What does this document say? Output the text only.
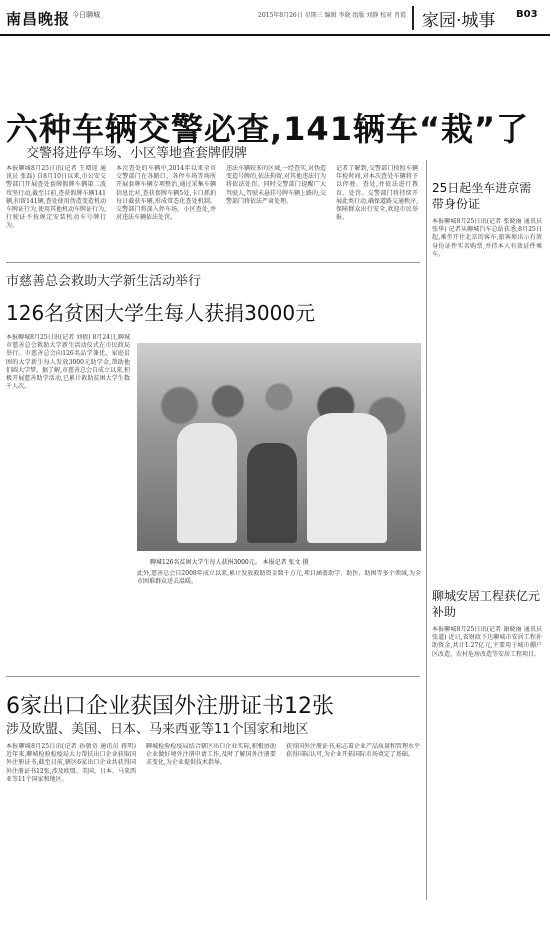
南昌晚报 今日聊城	2015年8月26日 星期三 编辑 李晓 组版 刘静 校对 肖霞 家园·城事	B03
六种车辆交警必查,141辆车“栽”了
交警将进停车场、小区等地查套牌假牌
本报聊城8月25日讯(记者 王增迎 通讯员 张磊) 自8月10日以来,市公安交警部门开展查处套牌假牌车辆第二波攻坚行动,截至目前,查获假牌车辆141辆,扣留141辆,查处使用伪造变造机动车牌证行为,使用其他机动车牌证行为,行驶证不按规定安装机动车号牌行为。
本次查处的车辆中,2014年以来全市交警部门在各路口、各停车场等场所开展套牌车辆专项整治,通过采集车辆信息比对,查获套牌车辆5处,卡口抓拍每日截获车辆,形成常态化查处机制。交警部门将深入停车场、小区查处,并对违法车辆依法处罚。
违法车辆较多的区域,一经查实,对伪造变造号牌的,依法拘留,对其他违法行为将依法处罚。同时交警部门提醒广大驾驶人,驾驶未悬挂号牌车辆上路的,交警部门将依法严肃处理。
记者了解到,交警部门按照车辆年检时间,对本次查处车辆将予以停驶、查处,并依法进行教育、处罚。交警部门将持续开展此类行动,确保道路交通秩序,保障群众出行安全,欢迎市民举报。
25日起坐车进京需带身份证
本报聊城8月25日讯(记者 张晓丽 通讯员 张华) 记者从聊城汽车总站获悉,8月25日起,乘坐开往北京的客车,旅客须出示有效身份证件实名购票,并持本人有效证件乘车。
市慈善总会救助大学新生活动举行
126名贫困大学生每人获捐3000元
本报聊城8月25日讯(记者 刘倩) 8月24日,聊城市慈善总会救助大学新生活动仪式在市民政局举行。市慈善总会向126名品学兼优、家庭贫困的大学新生每人发放3000元助学金,帮助他们圆大学梦。据了解,市慈善总会自成立以来,积极开展慈善助学活动,已累计救助贫困大学生数千人次。
聊城126名贫困大学生每人获捐3000元。 本报记者 张文 摄
此外,慈善总会自2008年成立以来,累计发放救助资金数千万元,项目涵盖助学、助医、助困等多个领域,为全市困难群众送去温暖。
聊城安居工程获亿元补助
本报聊城8月25日讯(记者 谢晓丽 通讯员 张道) 近日,省财政下达聊城市安居工程补助资金,共计1.27亿元,主要用于城市棚户区改造、农村危房改造等安居工程项目。
6家出口企业获国外注册证书12张
涉及欧盟、美国、日本、马来西亚等11个国家和地区
本报聊城8月25日讯(记者 孙敬奇 通讯员 蒋明) 近年来,聊城检验检疫局大力帮扶出口企业获取国外注册证书,截至目前,辖区6家出口企业共获得国外注册证书12张,涉及欧盟、美国、日本、马来西亚等11个国家和地区。
聊城检验检疫局结合辖区出口企业实际,积极协助企业做好境外注册申请工作,及时了解国外注册要求变化,为企业提供技术指导。
获得国外注册证书,标志着企业产品质量和管理水平获得国际认可,为企业开拓国际市场奠定了基础。
